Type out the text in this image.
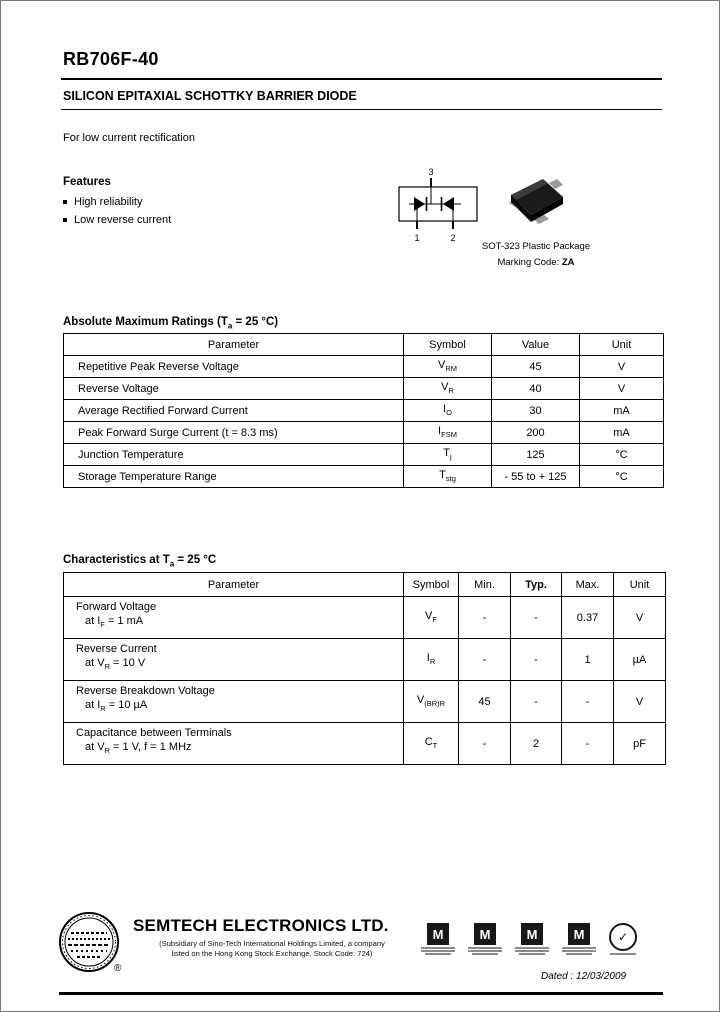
RB706F-40
SILICON EPITAXIAL SCHOTTKY BARRIER DIODE
For low current rectification
Features
High reliability
Low reverse current
3
1	2
SOT-323 Plastic Package
Marking Code: ZA
Absolute Maximum Ratings ($T_a = 25$ °C)
Parameter	Symbol	Value	Unit
Repetitive Peak Reverse Voltage	$V_{RM}$	45	V
Reverse Voltage	$V_R$	40	V
Average Rectified Forward Current	$I_O$	30	mA
Peak Forward Surge Current (t = 8.3 ms)	$I_{FSM}$	200	mA
Junction Temperature	$T_j$	125	°C
Storage Temperature Range	$T_{stg}$	- 55 to + 125	°C
Characteristics at $T_a = 25$ °C
Parameter	Symbol	Min.	Typ.	Max.	Unit

Forward Voltage
at $I_F = 1$ mA	$V_F$	-	-	0.37	V

Reverse Current
at $V_R = 10$ V	$I_R$	-	-	1	µA

Reverse Breakdown Voltage
at $I_R = 10$ µA	$V_{(BR)R}$	45	-	-	V

Capacitance between Terminals
at $V_R = 1$ V, f = 1 MHz	$C_T$	-	2	-	pF
®
SEMTECH ELECTRONICS LTD.
(Subsidiary of Sino-Tech International Holdings Limited, a company
listed on the Hong Kong Stock Exchange, Stock Code: 724)
M	M	M	M	✓
Dated : 12/03/2009
